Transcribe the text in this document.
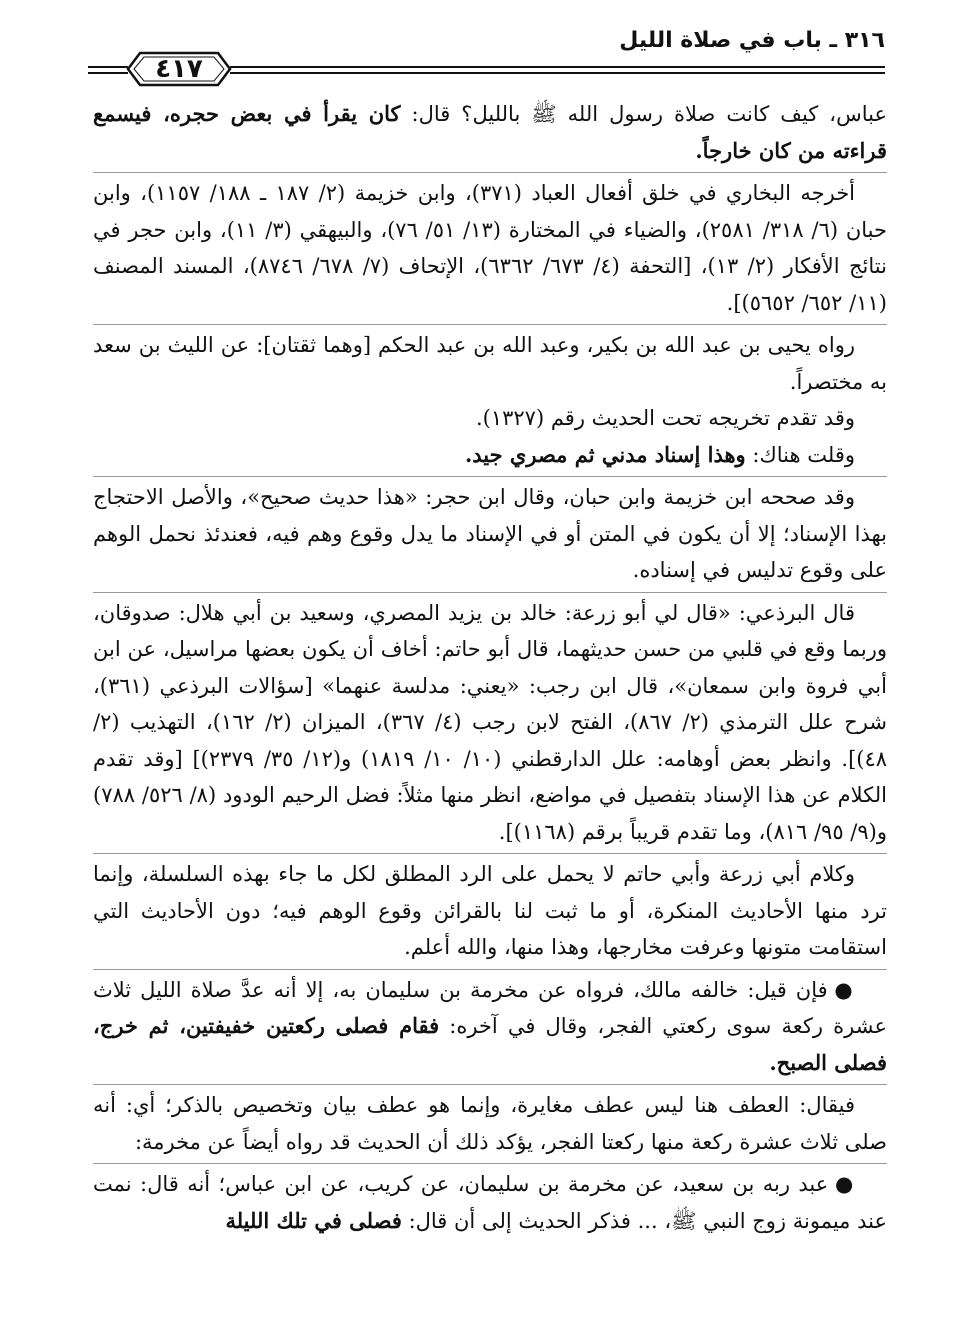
٣١٦ ـ باب في صلاة الليل
٤١٧

عباس، كيف كانت صلاة رسول الله ﷺ بالليل؟ قال: كان يقرأ في بعض حجره، فيسمع قراءته من كان خارجاً.

أخرجه البخاري في خلق أفعال العباد (٣٧١)، وابن خزيمة (٢/ ١٨٧ ـ ١٨٨/ ١١٥٧)، وابن حبان (٦/ ٣١٨/ ٢٥٨١)، والضياء في المختارة (١٣/ ٥١/ ٧٦)، والبيهقي (٣/ ١١)، وابن حجر في نتائج الأفكار (٢/ ١٣)، [التحفة (٤/ ٦٧٣/ ٦٣٦٢)، الإتحاف (٧/ ٦٧٨/ ٨٧٤٦)، المسند المصنف (١١/ ٦٥٢/ ٥٦٥٢)].

رواه يحيى بن عبد الله بن بكير، وعبد الله بن عبد الحكم [وهما ثقتان]: عن الليث بن سعد به مختصراً.

وقد تقدم تخريجه تحت الحديث رقم (١٣٢٧).

وقلت هناك: وهذا إسناد مدني ثم مصري جيد.

وقد صححه ابن خزيمة وابن حبان، وقال ابن حجر: «هذا حديث صحيح»، والأصل الاحتجاج بهذا الإسناد؛ إلا أن يكون في المتن أو في الإسناد ما يدل وقوع وهم فيه، فعندئذ نحمل الوهم على وقوع تدليس في إسناده.

قال البرذعي: «قال لي أبو زرعة: خالد بن يزيد المصري، وسعيد بن أبي هلال: صدوقان، وربما وقع في قلبي من حسن حديثهما، قال أبو حاتم: أخاف أن يكون بعضها مراسيل، عن ابن أبي فروة وابن سمعان»، قال ابن رجب: «يعني: مدلسة عنهما» [سؤالات البرذعي (٣٦١)، شرح علل الترمذي (٢/ ٨٦٧)، الفتح لابن رجب (٤/ ٣٦٧)، الميزان (٢/ ١٦٢)، التهذيب (٢/ ٤٨)]. وانظر بعض أوهامه: علل الدارقطني (١٠/ ١٠/ ١٨١٩) و(١٢/ ٣٥/ ٢٣٧٩)] [وقد تقدم الكلام عن هذا الإسناد بتفصيل في مواضع، انظر منها مثلاً: فضل الرحيم الودود (٨/ ٥٢٦/ ٧٨٨) و(٩/ ٩٥/ ٨١٦)، وما تقدم قريباً برقم (١١٦٨)].

وكلام أبي زرعة وأبي حاتم لا يحمل على الرد المطلق لكل ما جاء بهذه السلسلة، وإنما ترد منها الأحاديث المنكرة، أو ما ثبت لنا بالقرائن وقوع الوهم فيه؛ دون الأحاديث التي استقامت متونها وعرفت مخارجها، وهذا منها، والله أعلم.

● فإن قيل: خالفه مالك، فرواه عن مخرمة بن سليمان به، إلا أنه عدَّ صلاة الليل ثلاث عشرة ركعة سوى ركعتي الفجر، وقال في آخره: فقام فصلى ركعتين خفيفتين، ثم خرج، فصلى الصبح.

فيقال: العطف هنا ليس عطف مغايرة، وإنما هو عطف بيان وتخصيص بالذكر؛ أي: أنه صلى ثلاث عشرة ركعة منها ركعتا الفجر، يؤكد ذلك أن الحديث قد رواه أيضاً عن مخرمة:

● عبد ربه بن سعيد، عن مخرمة بن سليمان، عن كريب، عن ابن عباس؛ أنه قال: نمت عند ميمونة زوج النبي ﷺ، ... فذكر الحديث إلى أن قال: فصلى في تلك الليلة
